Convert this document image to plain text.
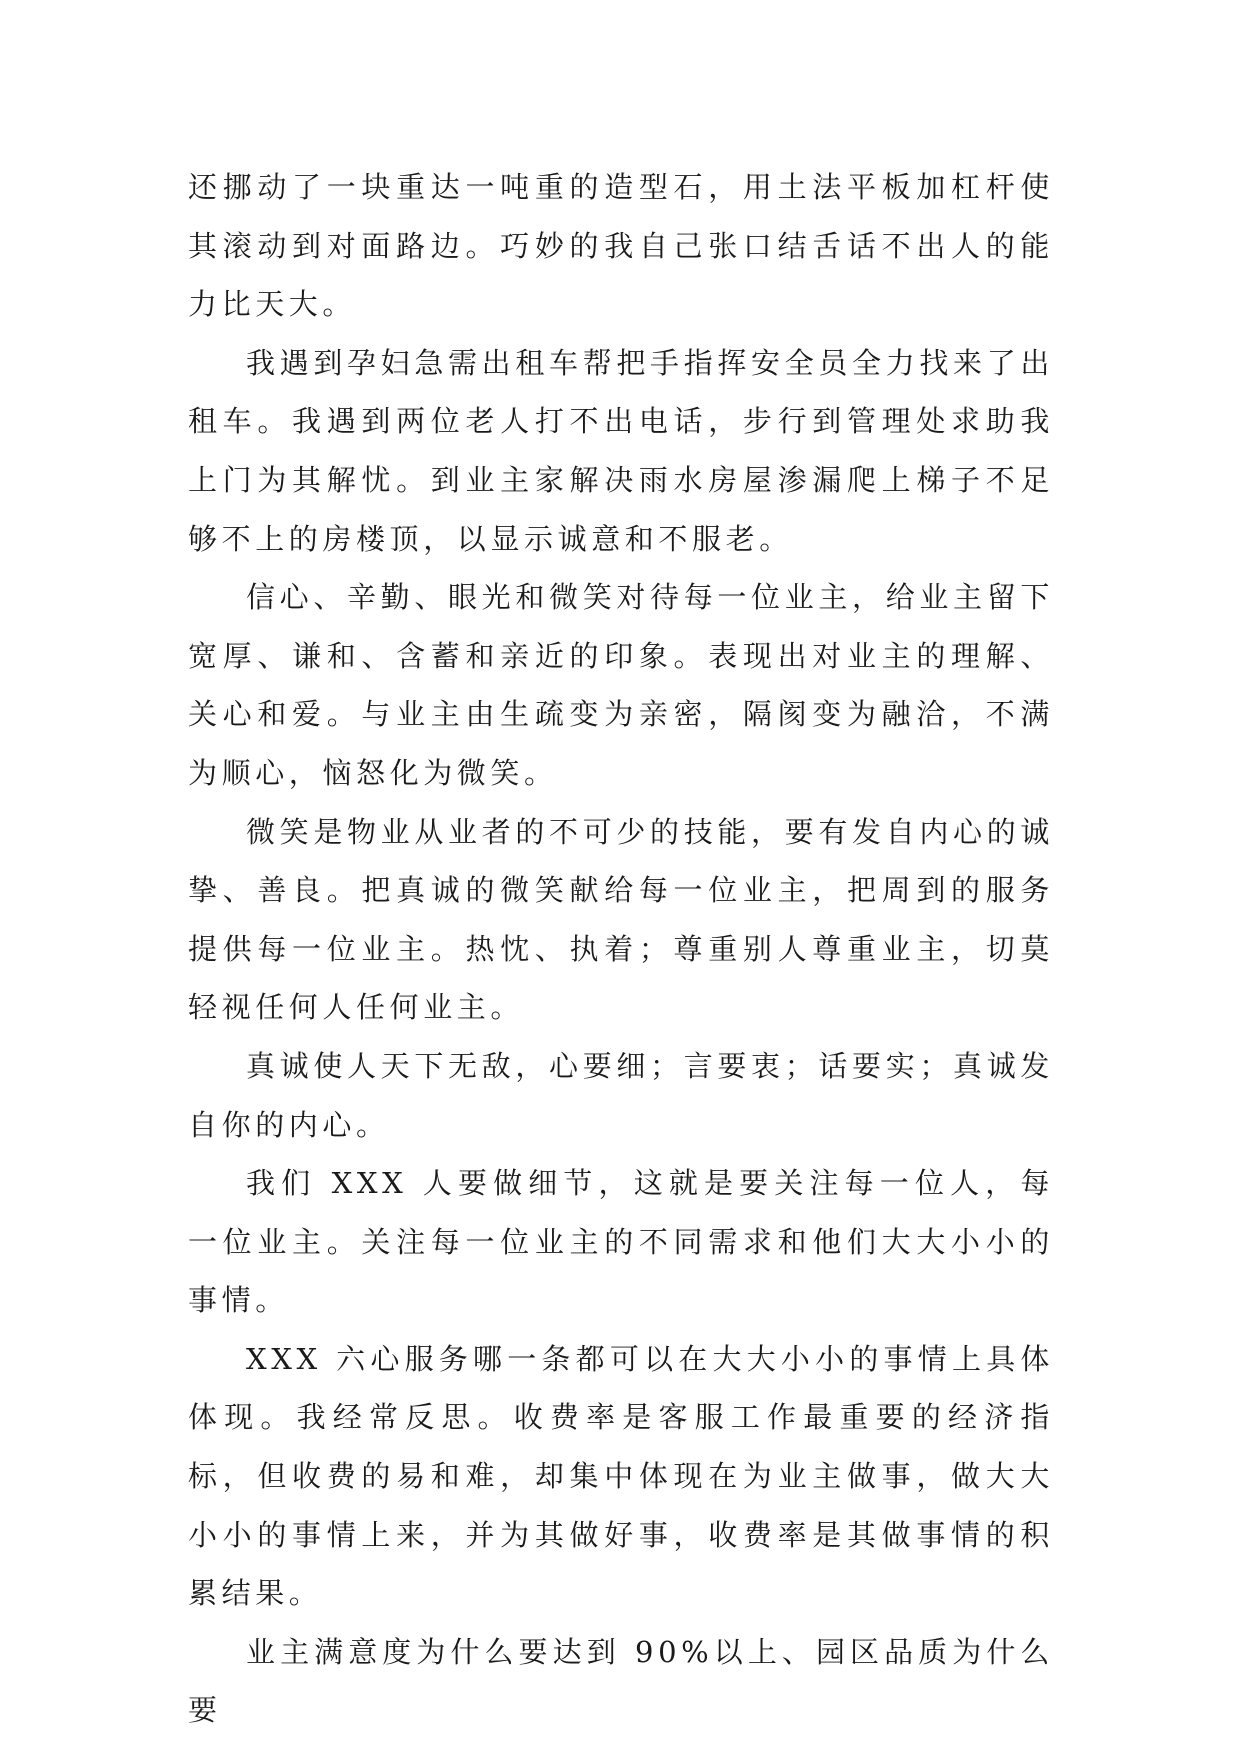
还挪动了一块重达一吨重的造型石，用土法平板加杠杆使其滚动到对面路边。巧妙的我自己张口结舌话不出人的能力比天大。

我遇到孕妇急需出租车帮把手指挥安全员全力找来了出租车。我遇到两位老人打不出电话，步行到管理处求助我上门为其解忧。到业主家解决雨水房屋渗漏爬上梯子不足够不上的房楼顶，以显示诚意和不服老。

信心、辛勤、眼光和微笑对待每一位业主，给业主留下宽厚、谦和、含蓄和亲近的印象。表现出对业主的理解、关心和爱。与业主由生疏变为亲密，隔阂变为融洽，不满为顺心，恼怒化为微笑。

微笑是物业从业者的不可少的技能，要有发自内心的诚挚、善良。把真诚的微笑献给每一位业主，把周到的服务提供每一位业主。热忱、执着；尊重别人尊重业主，切莫轻视任何人任何业主。

真诚使人天下无敌，心要细；言要衷；话要实；真诚发自你的内心。

我们 XXX 人要做细节，这就是要关注每一位人，每一位业主。关注每一位业主的不同需求和他们大大小小的事情。

XXX 六心服务哪一条都可以在大大小小的事情上具体体现。我经常反思。收费率是客服工作最重要的经济指标，但收费的易和难，却集中体现在为业主做事，做大大小小的事情上来，并为其做好事，收费率是其做事情的积累结果。

业主满意度为什么要达到 90%以上、园区品质为什么要
